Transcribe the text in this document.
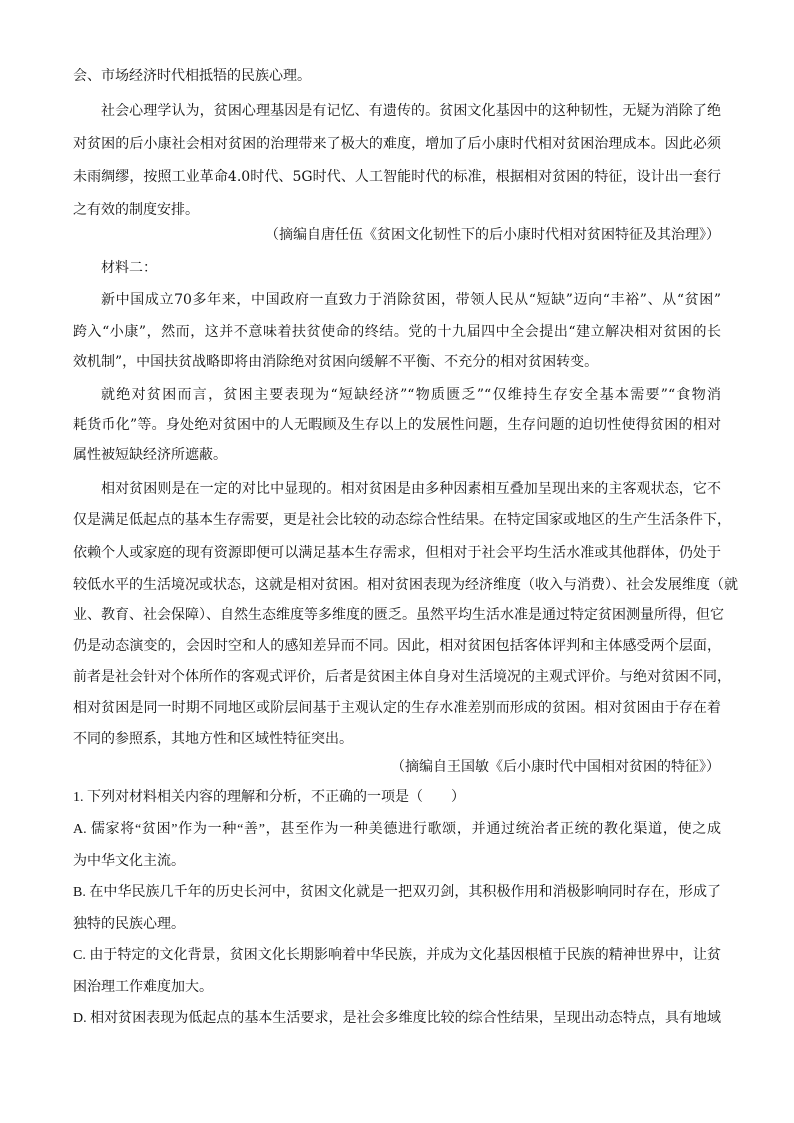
会、市场经济时代相抵牾的民族心理。
社会心理学认为，贫困心理基因是有记忆、有遗传的。贫困文化基因中的这种韧性，无疑为消除了绝
对贫困的后小康社会相对贫困的治理带来了极大的难度，增加了后小康时代相对贫困治理成本。因此必须
未雨绸缪，按照工业革命4.0时代、5G时代、人工智能时代的标准，根据相对贫困的特征，设计出一套行
之有效的制度安排。
（摘编自唐任伍《贫困文化韧性下的后小康时代相对贫困特征及其治理》）
材料二：
新中国成立70多年来，中国政府一直致力于消除贫困，带领人民从“短缺”迈向“丰裕”、从“贫困”
跨入“小康”，然而，这并不意味着扶贫使命的终结。党的十九届四中全会提出“建立解决相对贫困的长
效机制”，中国扶贫战略即将由消除绝对贫困向缓解不平衡、不充分的相对贫困转变。
就绝对贫困而言，贫困主要表现为“短缺经济”“物质匮乏”“仅维持生存安全基本需要”“食物消
耗货币化”等。身处绝对贫困中的人无暇顾及生存以上的发展性问题，生存问题的迫切性使得贫困的相对
属性被短缺经济所遮蔽。
相对贫困则是在一定的对比中显现的。相对贫困是由多种因素相互叠加呈现出来的主客观状态，它不
仅是满足低起点的基本生存需要，更是社会比较的动态综合性结果。在特定国家或地区的生产生活条件下，
依赖个人或家庭的现有资源即便可以满足基本生存需求，但相对于社会平均生活水准或其他群体，仍处于
较低水平的生活境况或状态，这就是相对贫困。相对贫困表现为经济维度（收入与消费）、社会发展维度（就
业、教育、社会保障）、自然生态维度等多维度的匮乏。虽然平均生活水准是通过特定贫困测量所得，但它
仍是动态演变的，会因时空和人的感知差异而不同。因此，相对贫困包括客体评判和主体感受两个层面，
前者是社会针对个体所作的客观式评价，后者是贫困主体自身对生活境况的主观式评价。与绝对贫困不同，
相对贫困是同一时期不同地区或阶层间基于主观认定的生存水准差别而形成的贫困。相对贫困由于存在着
不同的参照系，其地方性和区域性特征突出。
（摘编自王国敏《后小康时代中国相对贫困的特征》）
1. 下列对材料相关内容的理解和分析，不正确的一项是（　　）
A. 儒家将“贫困”作为一种“善”，甚至作为一种美德进行歌颂，并通过统治者正统的教化渠道，使之成
为中华文化主流。
B. 在中华民族几千年的历史长河中，贫困文化就是一把双刃剑，其积极作用和消极影响同时存在，形成了
独特的民族心理。
C. 由于特定的文化背景，贫困文化长期影响着中华民族，并成为文化基因根植于民族的精神世界中，让贫
困治理工作难度加大。
D. 相对贫困表现为低起点的基本生活要求，是社会多维度比较的综合性结果，呈现出动态特点，具有地域
